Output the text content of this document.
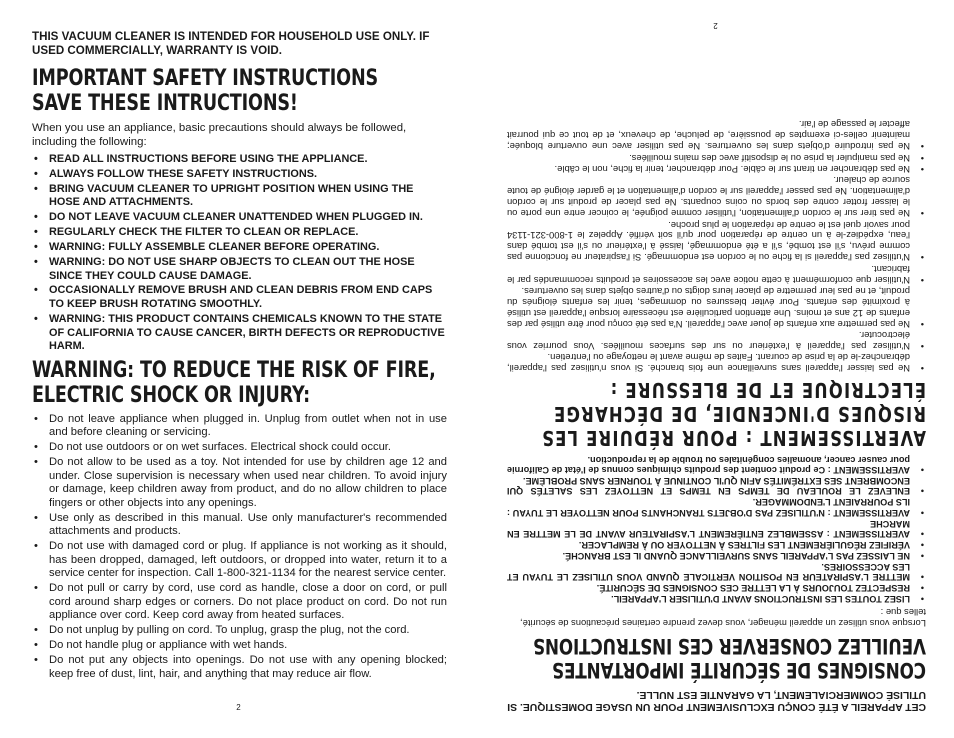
THIS VACUUM CLEANER IS INTENDED FOR HOUSEHOLD USE ONLY. IF USED COMMERCIALLY, WARRANTY IS VOID.

IMPORTANT SAFETY INSTRUCTIONS
SAVE THESE INTRUCTIONS!

When you use an appliance, basic precautions should always be followed, including the following:

• READ ALL INSTRUCTIONS BEFORE USING THE APPLIANCE.
• ALWAYS FOLLOW THESE SAFETY INSTRUCTIONS.
• BRING VACUUM CLEANER TO UPRIGHT POSITION WHEN USING THE HOSE AND ATTACHMENTS.
• DO NOT LEAVE VACUUM CLEANER UNATTENDED WHEN PLUGGED IN.
• REGULARLY CHECK THE FILTER TO CLEAN OR REPLACE.
• WARNING: FULLY ASSEMBLE CLEANER BEFORE OPERATING.
• WARNING: DO NOT USE SHARP OBJECTS TO CLEAN OUT THE HOSE SINCE THEY COULD CAUSE DAMAGE.
• OCCASIONALLY REMOVE BRUSH AND CLEAN DEBRIS FROM END CAPS TO KEEP BRUSH ROTATING SMOOTHLY.
• WARNING: THIS PRODUCT CONTAINS CHEMICALS KNOWN TO THE STATE OF CALIFORNIA TO CAUSE CANCER, BIRTH DEFECTS OR REPRODUCTIVE HARM.
WARNING: TO REDUCE THE RISK OF FIRE, ELECTRIC SHOCK OR INJURY:
• Do not leave appliance when plugged in. Unplug from outlet when not in use and before cleaning or servicing.
• Do not use outdoors or on wet surfaces. Electrical shock could occur.
• Do not allow to be used as a toy. Not intended for use by children age 12 and under. Close supervision is necessary when used near children. To avoid injury or damage, keep children away from product, and do no allow children to place fingers or other objects into any openings.
• Use only as described in this manual. Use only manufacturer's recommended attachments and products.
• Do not use with damaged cord or plug. If appliance is not working as it should, has been dropped, damaged, left outdoors, or dropped into water, return it to a service center for inspection. Call 1-800-321-1134 for the nearest service center.
• Do not pull or carry by cord, use cord as handle, close a door on cord, or pull cord around sharp edges or corners. Do not place product on cord. Do not run appliance over cord. Keep cord away from heated surfaces.
• Do not unplug by pulling on cord. To unplug, grasp the plug, not the cord.
• Do not handle plug or appliance with wet hands.
• Do not put any objects into openings. Do not use with any opening blocked; keep free of dust, lint, hair, and anything that may reduce air flow.
2	CET APPAREIL A ÉTÉ CONÇU EXCLUSIVEMENT POUR UN USAGE DOMESTIQUE. SI UTILISÉ COMMERCIALEMENT, LA GARANTIE EST NULLE.

CONSIGNES DE SÉCURITÉ IMPORTANTES
VEUILLEZ CONSERVER CES INSTRUCTIONS

Lorsque vous utilisez un appareil ménager, vous devez prendre certaines précautions de sécurité, telles que :

•
LISEZ TOUTES LES INSTRUCTIONS AVANT D'UTILISER L'APPAREIL.
•
RESPECTEZ TOUJOURS À LA LETTRE CES CONSIGNES DE SÉCURITÉ.
•
METTRE L'ASPIRATEUR EN POSITION VERTICALE QUAND VOUS UTILISEZ LE TUYAU ET LES ACCESSOIRES.
•
NE LAISSEZ PAS L'APPAREIL SANS SURVEILLANCE QUAND IL EST BRANCHÉ.
•
VÉRIFIEZ RÉGULIÈREMENT LES FILTRES À NETTOYER OU À REMPLACER.
•
AVERTISSEMENT : ASSEMBLEZ ENTIÈREMENT L'ASPIRATEUR AVANT DE LE METTRE EN MARCHE
•
AVERTISSEMENT : N'UTILISEZ PAS D'OBJETS TRANCHANTS POUR NETTOYER LE TUYAU : ILS POURRAIENT L'ENDOMMAGER.
•
ENLEVEZ LE ROULEAU DE TEMPS EN TEMPS ET NETTOYEZ LES SALETÉS QUI ENCOMBRENT SES EXTRÉMITÉS AFIN QU'IL CONTINUE À TOURNER SANS PROBLÈME.
•
AVERTISSEMENT : Ce produit contient des produits chimiques connus de l'état de Californie pour causer cancer, anomalies congénitales ou trouble de la reproduction.
AVERTISSEMENT : POUR RÉDUIRE LES RISQUES D'INCENDIE, DE DÉCHARGE ÉLECTRIQUE ET DE BLESSURE :
•
Ne pas laisser l'appareil sans surveillance une fois branché. Si vous n'utilisez pas l'appareil, débranchez-le de la prise de courant. Faites de même avant le nettoyage ou l'entretien.
•
N'utilisez pas l'appareil à l'extérieur ou sur des surfaces mouillées. Vous pourriez vous électrocuter.
•
Ne pas permettre aux enfants de jouer avec l'appareil. N'a pas été conçu pour être utilisé par des enfants de 12 ans et moins. Une attention particulière est nécessaire lorsque l'appareil est utilisé à proximité des enfants. Pour éviter blessures ou dommages, tenir les enfants éloignés du produit, et ne pas leur permettre de placer leurs doigts ou d'autres objets dans les ouvertures.
•
N'utiliser que conformément à cette notice avec les accessoires et produits recommandés par le fabricant.
•
N'utilisez pas l'appareil si la fiche ou le cordon est endommagé. Si l'aspirateur ne fonctionne pas comme prévu, s'il est tombé, s'il a été endommagé, laissé à l'extérieur ou s'il est tombé dans l'eau, expédiez-le à un centre de réparation pour qu'il soit vérifié. Appelez le 1-800-321-1134 pour savoir quel est le centre de réparation le plus proche.
•
Ne pas tirer sur le cordon d'alimentation, l'utiliser comme poignée, le coincer entre une porte ou le laisser frotter contre des bords ou coins coupants. Ne pas placer de produit sur le cordon d'alimentation. Ne pas passer l'appareil sur le cordon d'alimentation et le garder éloigné de toute source de chaleur.
•
Ne pas débrancher en tirant sur le câble. Pour débrancher, tenir la fiche, non le câble.
•
Ne pas manipuler la prise ou le dispositif avec des mains mouillées.
•
Ne pas introduire d'objets dans les ouvertures. Ne pas utiliser avec une ouverture bloquée; maintenir celles-ci exemptes de poussière, de peluche, de cheveux, et de tout ce qui pourrait affecter le passage de l'air.
2
